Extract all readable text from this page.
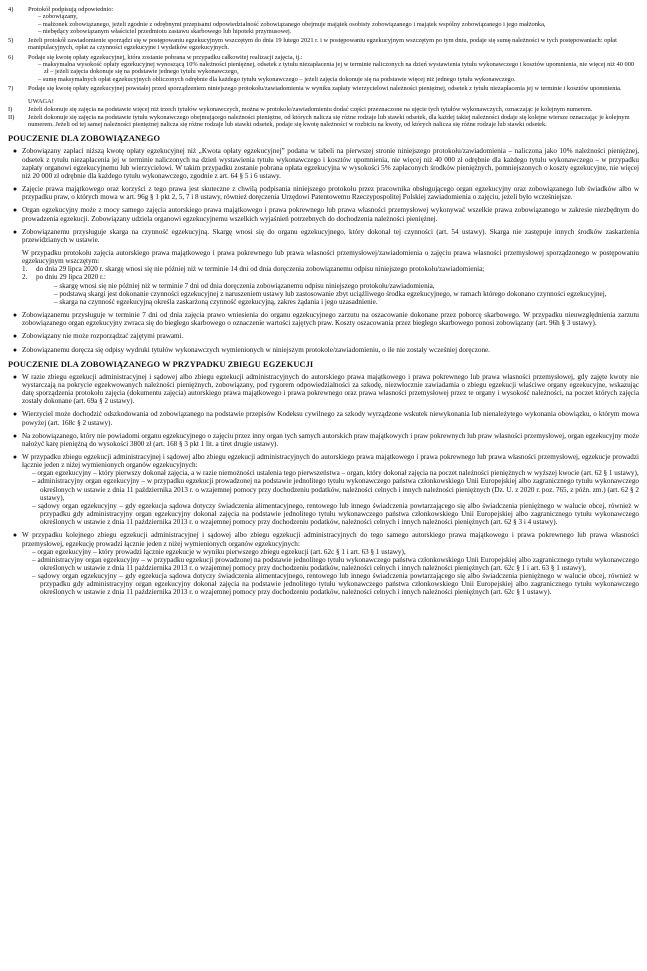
4)	Protokół podpisują odpowiednio:
– zobowiązany,
– małżonek zobowiązanego, jeżeli zgodnie z odrębnymi przepisami odpowiedzialność zobowiązanego obejmuje majątek osobisty zobowiązanego i majątek wspólny zobowiązanego i jego małżonka,
– niebędący zobowiązanym właściciel przedmiotu zastawu skarbowego lub hipoteki przymusowej.
5)	Jeżeli protokół zawiadomienie sporządzi się w postępowaniu egzekucyjnym wszczętym do dnia 19 lutego 2021 r. i w postępowaniu egzekucyjnym wszczętym po tym dniu, podaje się sumę należności w tych postępowaniach: opłat manipulacyjnych, opłat za czynności egzekucyjne i wydatków egzekucyjnych.
6)	Podaje się kwotę opłaty egzekucyjnej, która zostanie pobrana w przypadku całkowitej realizacji zajęcia, tj.:
– maksymalna wysokość opłaty egzekucyjnej wynoszącą 10% należności pieniężnej, odsetek z tytułu niezapłacenia jej w terminie naliczonych na dzień wystawienia tytułu wykonawczego i kosztów upomnienia, nie więcej niż 40 000 zł – jeżeli zajęcia dokonuje się na podstawie jednego tytułu wykonawczego,
– sumę maksymalnych opłat egzekucyjnych obliczonych odrębnie dla każdego tytułu wykonawczego – jeżeli zajęcia dokonuje się na podstawie więcej niż jednego tytułu wykonawczego.
7)	Podaje się kwotę opłaty egzekucyjnej powstałej przed sporządzeniem niniejszego protokołu/zawiadomienia w wyniku zapłaty wierzycielowi należności pieniężnej, odsetek z tytułu niezapłacenia jej w terminie i kosztów upomnienia.
UWAGA!
I)	Jeżeli dokonuje się zajęcia na podstawie więcej niż trzech tytułów wykonawczych, można w protokole/zawiadomieniu dodać części przeznaczone na ujęcie tych tytułów wykonawczych, oznaczając je kolejnym numerem.
II)	Jeżeli dokonuje się zajęcia na podstawie tytułu wykonawczego obejmującego należności pieniężne, od których nalicza się różne rodzaje lub stawki odsetek, dla każdej takiej należności dodaje się kolejne wiersze oznaczając je kolejnym numerem. Jeżeli od tej samej należności pieniężnej nalicza się różne rodzaje lub stawki odsetek, podaje się kwotę należności w rozbiciu na kwoty, od których nalicza się różne rodzaje lub stawki odsetek.
POUCZENIE DLA ZOBOWIĄZANEGO
● Zobowiązany zapłaci niższą kwotę opłaty egzekucyjnej niż „Kwota opłaty egzekucyjnej” podana w tabeli na pierwszej stronie niniejszego protokołu/zawiadomienia – naliczona jako 10% należności pieniężnej, odsetek z tytułu niezapłacenia jej w terminie naliczonych na dzień wystawienia tytułu wykonawczego i kosztów upomnienia, nie więcej niż 40 000 zł odrębnie dla każdego tytułu wykonawczego – w przypadku zapłaty organowi egzekucyjnemu lub wierzycielowi. W takim przypadku zostanie pobrana opłata egzekucyjna w wysokości 5% zapłaconych środków pieniężnych, pomniejszonych o koszty egzekucyjne, nie więcej niż 20 000 zł odrębnie dla każdego tytułu wykonawczego, zgodnie z art. 64 § 5 i 6 ustawy.
● Zajęcie prawa majątkowego oraz korzyści z tego prawa jest skuteczne z chwilą podpisania niniejszego protokołu przez pracownika obsługującego organ egzekucyjny oraz zobowiązanego lub świadków albo w przypadku praw, o których mowa w art. 96g § 1 pkt 2, 5, 7 i 8 ustawy, również doręczenia Urzędowi Patentowemu Rzeczypospolitej Polskiej zawiadomienia o zajęciu, jeżeli było wcześniejsze.
● Organ egzekucyjny może z mocy samego zajęcia autorskiego prawa majątkowego i prawa pokrewnego lub prawa własności przemysłowej wykonywać wszelkie prawa zobowiązanego w zakresie niezbędnym do prowadzenia egzekucji. Zobowiązany udziela organowi egzekucyjnemu wszelkich wyjaśnień potrzebnych do dochodzenia należności pieniężnej.
● Zobowiązanemu przysługuje skarga na czynność egzekucyjną. Skargę wnosi się do organu egzekucyjnego, który dokonał tej czynności (art. 54 ustawy). Skarga nie zastępuje innych środków zaskarżenia przewidzianych w ustawie.
W przypadku protokołu zajęcia autorskiego prawa majątkowego i prawa pokrewnego lub prawa własności przemysłowej/zawiadomienia o zajęciu prawa własności przemysłowej sporządzonego w postępowaniu egzekucyjnym wszczętym:
1.	do dnia 29 lipca 2020 r. skargę wnosi się nie później niż w terminie 14 dni od dnia doręczenia zobowiązanemu odpisu niniejszego protokołu/zawiadomienia;
2.	po dniu 29 lipca 2020 r.:
– skargę wnosi się nie później niż w terminie 7 dni od dnia doręczenia zobowiązanemu odpisu niniejszego protokołu/zawiadomienia,
– podstawą skargi jest dokonanie czynności egzekucyjnej z naruszeniem ustawy lub zastosowanie zbyt uciążliwego środka egzekucyjnego, w ramach którego dokonano czynności egzekucyjnej,
– skarga na czynność egzekucyjną określa zaskarżoną czynność egzekucyjną, zakres żądania i jego uzasadnienie.
● Zobowiązanemu przysługuje w terminie 7 dni od dnia zajęcia prawo wniesienia do organu egzekucyjnego zarzutu na oszacowanie dokonane przez poborcę skarbowego. W przypadku nieuwzględnienia zarzutu zobowiązanego organ egzekucyjny zwraca się do biegłego skarbowego o oznaczenie wartości zajętych praw. Koszty oszacowania przez biegłego skarbowego ponosi zobowiązany (art. 96h § 3 ustawy).
● Zobowiązany nie może rozporządzać zajętymi prawami.
● Zobowiązanemu doręcza się odpisy wydruki tytułów wykonawczych wymienionych w niniejszym protokole/zawiadomieniu, o ile nie zostały wcześniej doręczone.
POUCZENIE DLA ZOBOWIĄZANEGO W PRZYPADKU ZBIEGU EGZEKUCJI
● W razie zbiegu egzekucji administracyjnej i sądowej albo zbiegu egzekucji administracyjnych do autorskiego prawa majątkowego i prawa pokrewnego lub prawa własności przemysłowej, gdy zajęte kwoty nie wystarczają na pokrycie egzekwowanych należności pieniężnych, zobowiązany, pod rygorem odpowiedzialności za szkodę, niezwłocznie zawiadamia o zbiegu egzekucji właściwe organy egzekucyjne, wskazując datę sporządzenia protokołu zajęcia (dokumentu zajęcia) autorskiego prawa majątkowego i prawa pokrewnego oraz prawa własności przemysłowej przez te organy i wysokość należności, na poczet których zajęcia zostały dokonane (art. 69a § 2 ustawy).
● Wierzyciel może dochodzić odszkodowania od zobowiązanego na podstawie przepisów Kodeksu cywilnego za szkody wyrządzone wskutek niewykonania lub nienależytego wykonania obowiązku, o którym mowa powyżej (art. 168c § 2 ustawy).
● Na zobowiązanego, który nie powiadomi organu egzekucyjnego o zajęciu przez inny organ tych samych autorskich praw majątkowych i praw pokrewnych lub praw własności przemysłowej, organ egzekucyjny może nałożyć karę pieniężną do wysokości 3800 zł (art. 168 § 3 pkt 1 lit. a tiret drugie ustawy).
● W przypadku zbiegu egzekucji administracyjnej i sądowej albo zbiegu egzekucji administracyjnych do autorskiego prawa majątkowego i prawa pokrewnego lub prawa własności przemysłowej, egzekucje prowadzi łącznie jeden z niżej wymienionych organów egzekucyjnych:
– organ egzekucyjny – który pierwszy dokonał zajęcia, a w razie niemożności ustalenia tego pierwszeństwa – organ, który dokonał zajęcia na poczet należności pieniężnych w wyższej kwocie (art. 62 § 1 ustawy),
– administracyjny organ egzekucyjny – w przypadku egzekucji prowadzonej na podstawie jednolitego tytułu wykonawczego państwa członkowskiego Unii Europejskiej albo zagranicznego tytułu wykonawczego określonych w ustawie z dnia 11 października 2013 r. o wzajemnej pomocy przy dochodzeniu podatków, należności celnych i innych należności pieniężnych (Dz. U. z 2020 r. poz. 765, z późn. zm.) (art. 62 § 2 ustawy),
– sądowy organ egzekucyjny – gdy egzekucja sądowa dotyczy świadczenia alimentacyjnego, rentowego lub innego świadczenia powtarzającego się albo świadczenia pieniężnego w walucie obcej, również w przypadku gdy administracyjny organ egzekucyjny dokonał zajęcia na podstawie jednolitego tytułu wykonawczego państwa członkowskiego Unii Europejskiej albo zagranicznego tytułu wykonawczego określonych w ustawie z dnia 11 października 2013 r. o wzajemnej pomocy przy dochodzeniu podatków, należności celnych i innych należności pieniężnych (art. 62 § 3 i 4 ustawy).
● W przypadku kolejnego zbiegu egzekucji administracyjnej i sądowej albo zbiegu egzekucji administracyjnych do tego samego autorskiego prawa majątkowego i prawa pokrewnego lub prawa własności przemysłowej, egzekucję prowadzi łącznie jeden z niżej wymienionych organów egzekucyjnych:
– organ egzekucyjny – który prowadzi łącznie egzekucje w wyniku pierwszego zbiegu egzekucji (art. 62c § 1 i art. 63 § 1 ustawy),
– administracyjny organ egzekucyjny – w przypadku egzekucji prowadzonej na podstawie jednolitego tytułu wykonawczego państwa członkowskiego Unii Europejskiej albo zagranicznego tytułu wykonawczego określonych w ustawie z dnia 11 października 2013 r. o wzajemnej pomocy przy dochodzeniu podatków, należności celnych i innych należności pieniężnych (art. 62c § 1 i art. 63 § 1 ustawy),
– sądowy organ egzekucyjny – gdy egzekucja sądowa dotyczy świadczenia alimentacyjnego, rentowego lub innego świadczenia powtarzającego się albo świadczenia pieniężnego w walucie obcej, również w przypadku gdy administracyjny organ egzekucyjny dokonał zajęcia na podstawie jednolitego tytułu wykonawczego państwa członkowskiego Unii Europejskiej albo zagranicznego tytułu wykonawczego określonych w ustawie z dnia 11 października 2013 r. o wzajemnej pomocy przy dochodzeniu podatków, należności celnych i innych należności pieniężnych (art. 62c § 1 ustawy).
